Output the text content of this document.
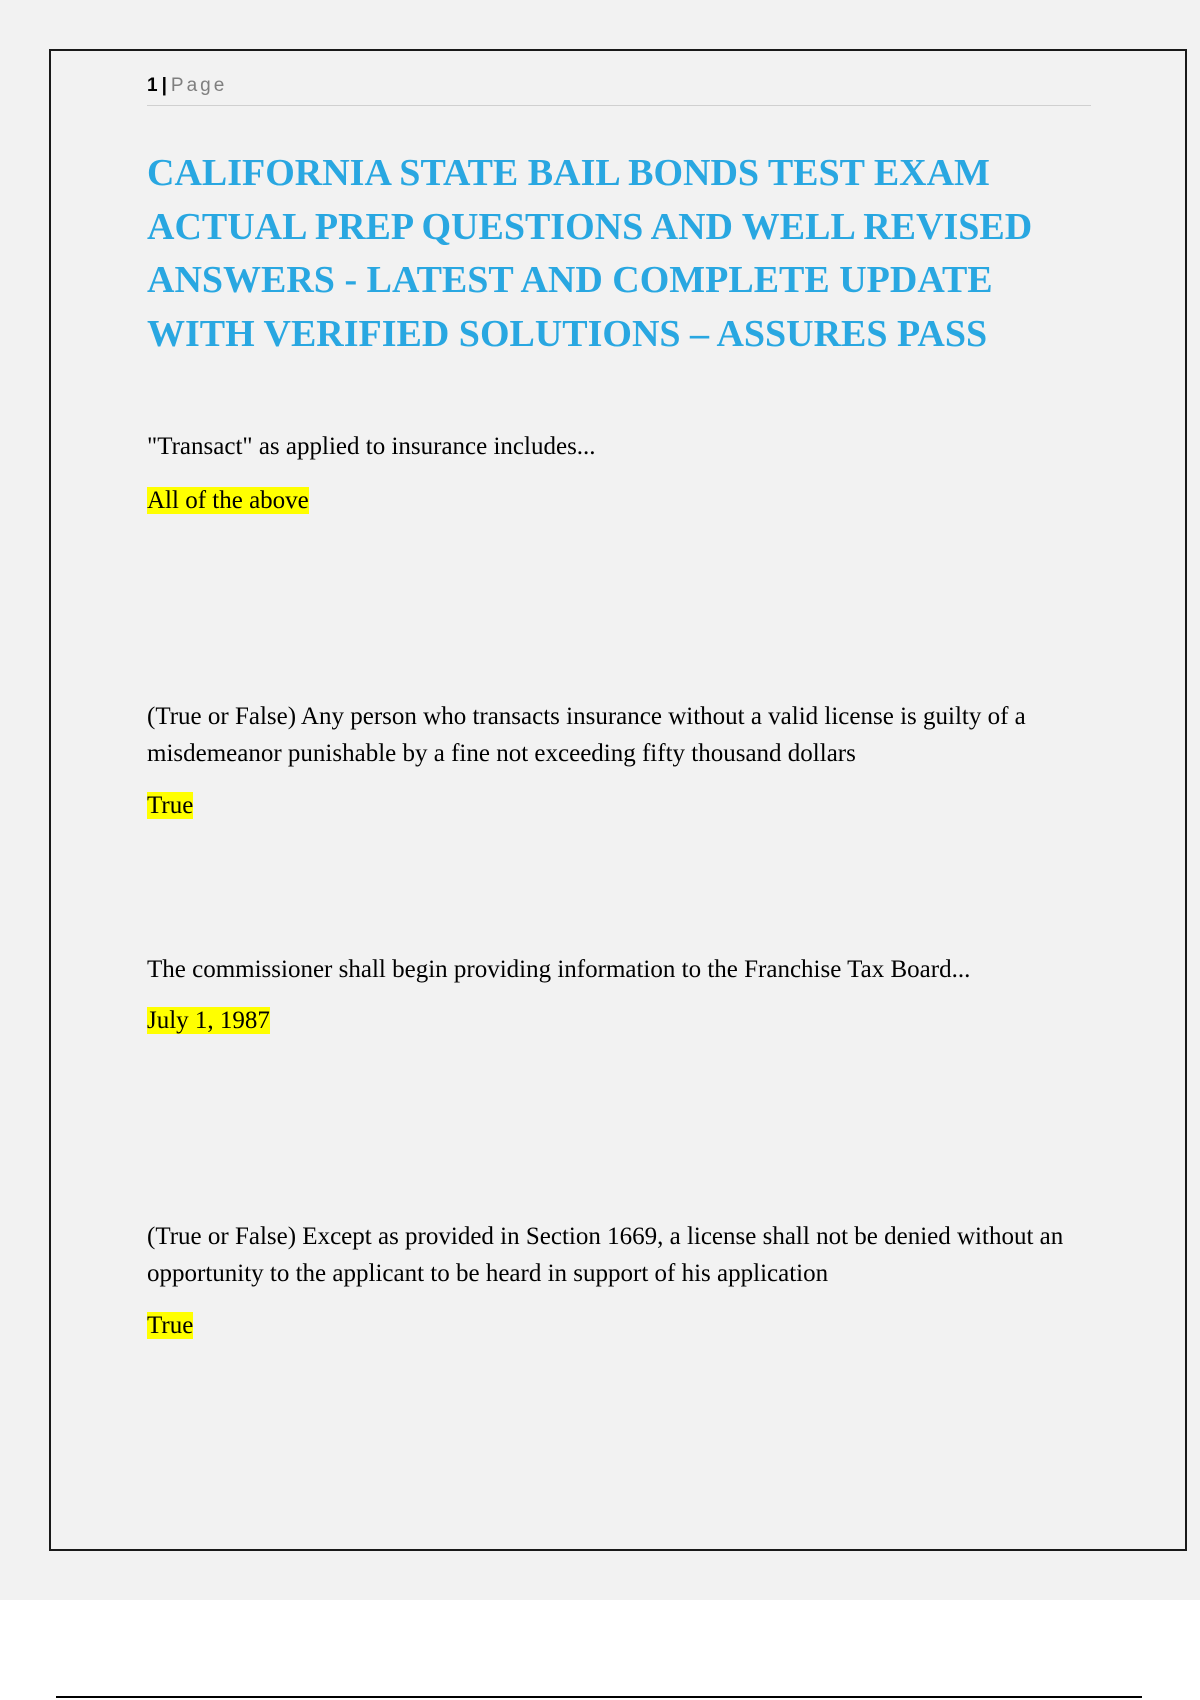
1 | Page
CALIFORNIA STATE BAIL BONDS TEST EXAM ACTUAL PREP QUESTIONS AND WELL REVISED ANSWERS - LATEST AND COMPLETE UPDATE WITH VERIFIED SOLUTIONS – ASSURES PASS

"Transact" as applied to insurance includes...

All of the above

(True or False) Any person who transacts insurance without a valid license is guilty of a misdemeanor punishable by a fine not exceeding fifty thousand dollars

True

The commissioner shall begin providing information to the Franchise Tax Board...

July 1, 1987

(True or False) Except as provided in Section 1669, a license shall not be denied without an opportunity to the applicant to be heard in support of his application

True
